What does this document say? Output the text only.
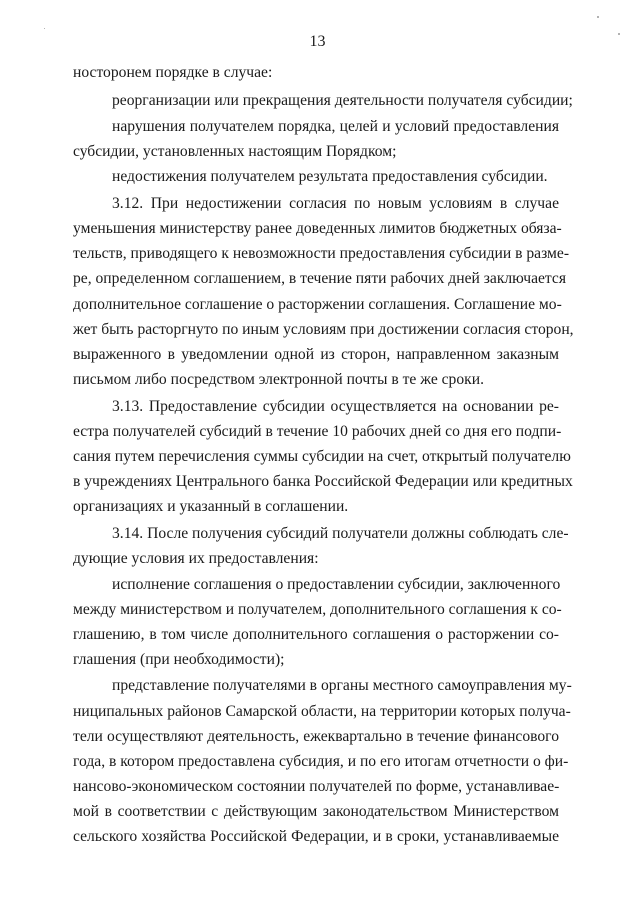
13
носторонем порядке в случае:
реорганизации или прекращения деятельности получателя субсидии;
нарушения получателем порядка, целей и условий предоставления
субсидии, установленных настоящим Порядком;
недостижения получателем результата предоставления субсидии.
3.12. При недостижении согласия по новым условиям в случае
уменьшения министерству ранее доведенных лимитов бюджетных обяза-
тельств, приводящего к невозможности предоставления субсидии в разме-
ре, определенном соглашением, в течение пяти рабочих дней заключается
дополнительное соглашение о расторжении соглашения. Соглашение мо-
жет быть расторгнуто по иным условиям при достижении согласия сторон,
выраженного в уведомлении одной из сторон, направленном заказным
письмом либо посредством электронной почты в те же сроки.
3.13. Предоставление субсидии осуществляется на основании ре-
естра получателей субсидий в течение 10 рабочих дней со дня его подпи-
сания путем перечисления суммы субсидии на счет, открытый получателю
в учреждениях Центрального банка Российской Федерации или кредитных
организациях и указанный в соглашении.
3.14. После получения субсидий получатели должны соблюдать сле-
дующие условия их предоставления:
исполнение соглашения о предоставлении субсидии, заключенного
между министерством и получателем, дополнительного соглашения к со-
глашению, в том числе дополнительного соглашения о расторжении со-
глашения (при необходимости);
представление получателями в органы местного самоуправления му-
ниципальных районов Самарской области, на территории которых получа-
тели осуществляют деятельность, ежеквартально в течение финансового
года, в котором предоставлена субсидия, и по его итогам отчетности о фи-
нансово-экономическом состоянии получателей по форме, устанавливае-
мой в соответствии с действующим законодательством Министерством
сельского хозяйства Российской Федерации, и в сроки, устанавливаемые
